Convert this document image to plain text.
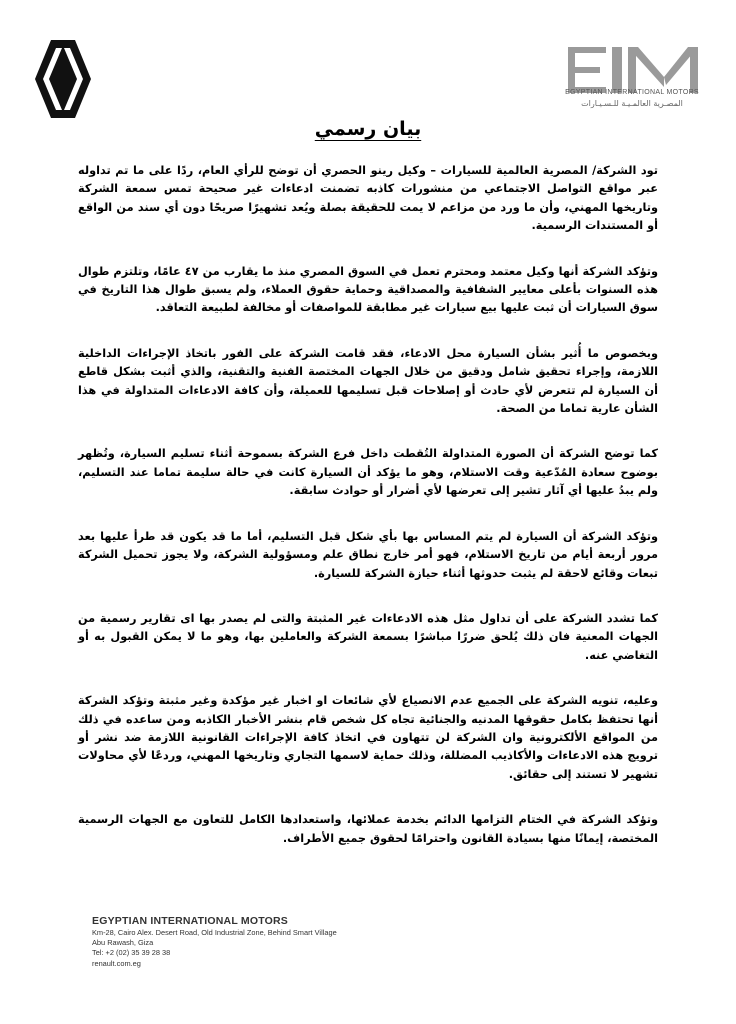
EGYPTIAN INTERNATIONAL MOTORS
المصـرية العالمـيـة للـسـيـارات
بيان رسمي

تود الشركة/ المصرية العالمية للسيارات – وكيل رينو الحصري أن توضح للرأي العام، ردًا على ما تم تداوله عبر مواقع التواصل الاجتماعي من منشورات كاذبه تضمنت ادعاءات غير صحيحة تمس سمعة الشركة وتاريخها المهني، وأن ما ورد من مزاعم لا يمت للحقيقة بصلة ويُعد تشهيرًا صريحًا دون أي سند من الواقع أو المستندات الرسمية.

وتؤكد الشركة أنها وكيل معتمد ومحترم تعمل في السوق المصري منذ ما يقارب من ٤٧ عامًا، وتلتزم طوال هذه السنوات بأعلى معايير الشفافية والمصداقية وحماية حقوق العملاء، ولم يسبق طوال هذا التاريخ في سوق السيارات أن ثبت عليها بيع سيارات غير مطابقة للمواصفات أو مخالفة لطبيعة التعاقد.

وبخصوص ما أُثير بشأن السيارة محل الادعاء، فقد قامت الشركة على الفور باتخاذ الإجراءات الداخلية اللازمة، وإجراء تحقيق شامل ودقيق من خلال الجهات المختصة الفنية والتقنية، والذي أثبت بشكل قاطع أن السيارة لم تتعرض لأي حادث أو إصلاحات قبل تسليمها للعميلة، وأن كافة الادعاءات المتداولة في هذا الشأن عارية تماما من الصحة.

كما توضح الشركة أن الصورة المتداولة التُقطت داخل فرع الشركة بسموحة أثناء تسليم السيارة، وتُظهر بوضوح سعادة المُدّعية وقت الاستلام، وهو ما يؤكد أن السيارة كانت في حالة سليمة تماما عند التسليم، ولم يبدُ عليها أي آثار تشير إلى تعرضها لأي أضرار أو حوادث سابقة.

وتؤكد الشركة أن السيارة لم يتم المساس بها بأي شكل قبل التسليم، أما ما قد يكون قد طرأ عليها بعد مرور أربعة أيام من تاريخ الاستلام، فهو أمر خارج نطاق علم ومسؤولية الشركة، ولا يجوز تحميل الشركة تبعات وقائع لاحقة لم يثبت حدوثها أثناء حيازة الشركة للسيارة.

كما تشدد الشركة على أن تداول مثل هذه الادعاءات غير المثبتة والتى لم يصدر بها اى تقارير رسمية من الجهات المعنية فان ذلك يُلحق ضررًا مباشرًا بسمعة الشركة والعاملين بها، وهو ما لا يمكن القبول به أو التغاضي عنه.

وعليه، تنويه الشركة على الجميع عدم الانصياع لأي شائعات او اخبار غير مؤكدة وغير مثبتة وتؤكد الشركة أنها تحتفظ بكامل حقوقها المدنيه والجنائية تجاه كل شخص قام بنشر الأخبار الكاذبه ومن ساعده في ذلك من المواقع الألكترونية وان الشركة لن تتهاون في اتخاذ كافة الإجراءات القانونية اللازمة ضد نشر أو ترويج هذه الادعاءات والأكاذيب المضللة، وذلك حماية لاسمها التجاري وتاريخها المهني، وردعًا لأي محاولات تشهير لا تستند إلى حقائق.

وتؤكد الشركة في الختام التزامها الدائم بخدمة عملائها، واستعدادها الكامل للتعاون مع الجهات الرسمية المختصة، إيمانًا منها بسيادة القانون واحترامًا لحقوق جميع الأطراف.

EGYPTIAN INTERNATIONAL MOTORS
Km-28, Cairo Alex. Desert Road, Old Industrial Zone, Behind Smart Village
Abu Rawash, Giza
Tel: +2 (02) 35 39 28 38
renault.com.eg
